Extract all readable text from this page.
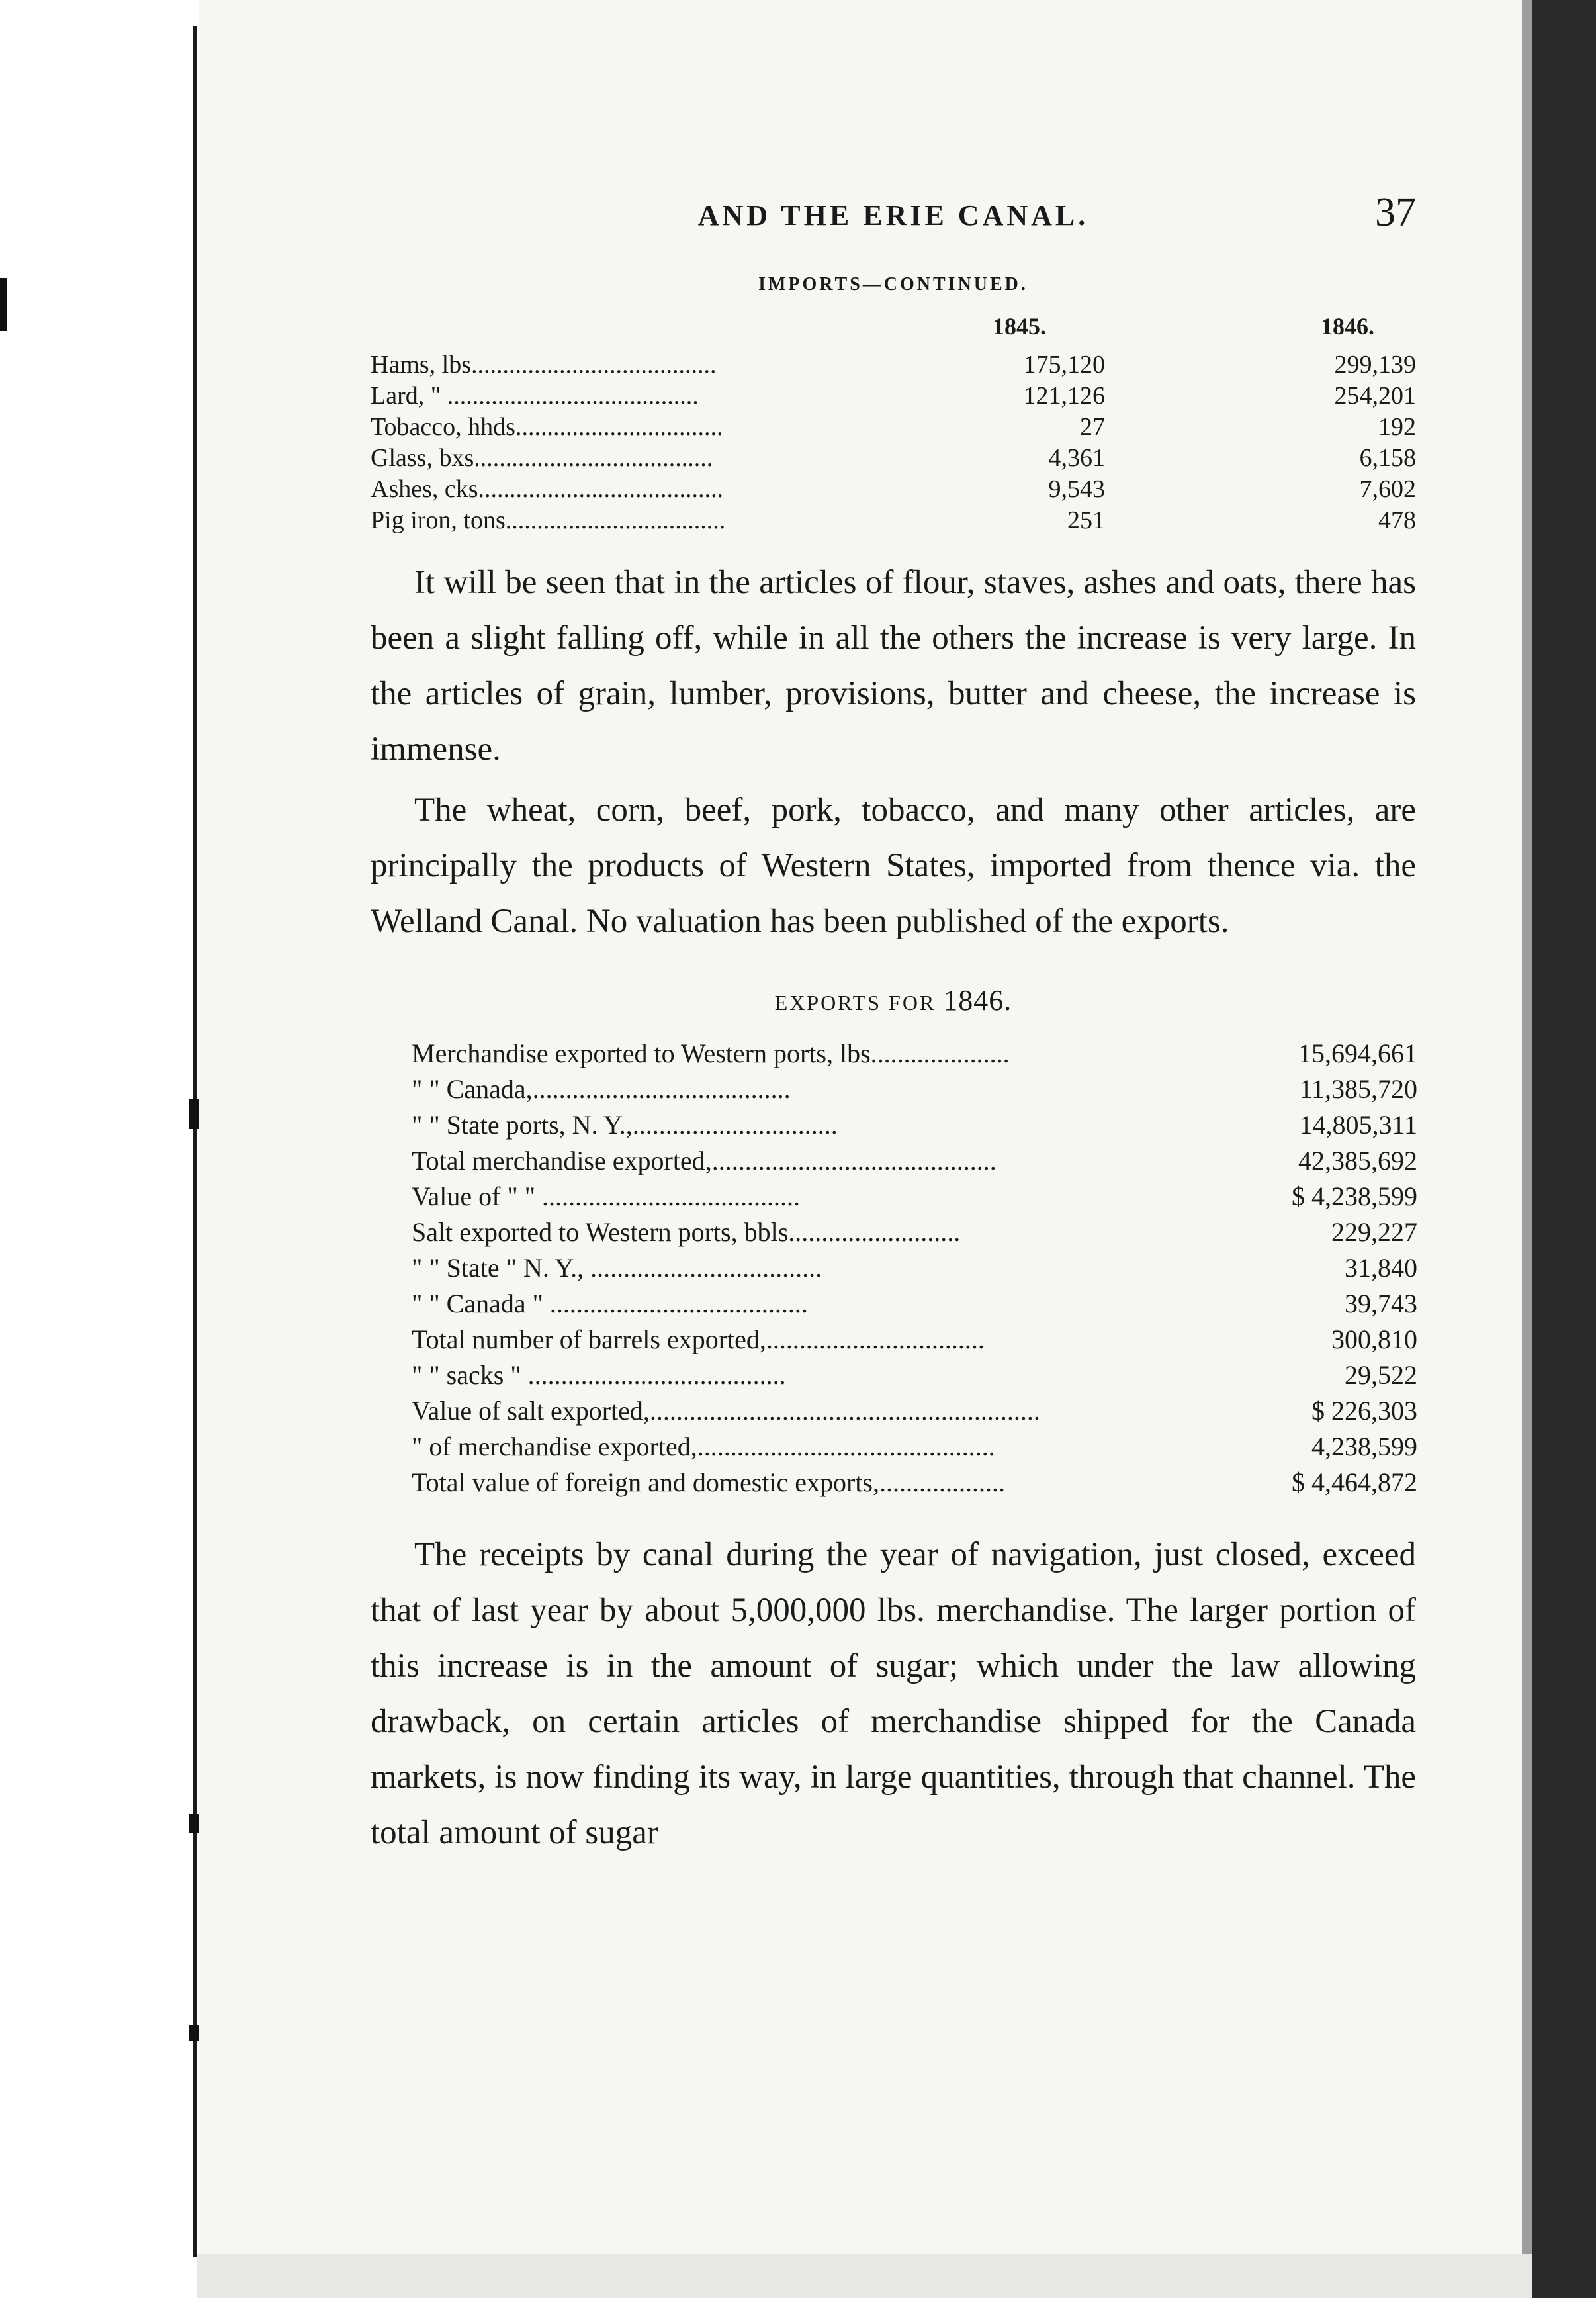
AND THE ERIE CANAL.	37
IMPORTS—CONTINUED.
1845.	1846.
Hams, lbs.......................................	175,120	299,139
Lard, " ........................................	121,126	254,201
Tobacco, hhds.................................	27	192
Glass, bxs......................................	4,361	6,158
Ashes, cks.......................................	9,543	7,602
Pig iron, tons...................................	251	478

It will be seen that in the articles of flour, staves, ashes and oats, there has been a slight falling off, while in all the others the increase is very large. In the articles of grain, lumber, provisions, butter and cheese, the increase is immense.

The wheat, corn, beef, pork, tobacco, and many other articles, are principally the products of Western States, imported from thence via. the Welland Canal. No valuation has been published of the exports.

EXPORTS FOR 1846.
Merchandise exported to Western ports, lbs.....................	15,694,661
" " Canada,.......................................	11,385,720
" " State ports, N. Y.,...............................	14,805,311
Total merchandise exported,...........................................	42,385,692
Value of " " .......................................	$ 4,238,599
Salt exported to Western ports, bbls..........................	229,227
" " State " N. Y., ...................................	31,840
" " Canada " .......................................	39,743
Total number of barrels exported,.................................	300,810
" " sacks " .......................................	29,522
Value of salt exported,...........................................................	$ 226,303
" of merchandise exported,.............................................	4,238,599
Total value of foreign and domestic exports,...................	$ 4,464,872

The receipts by canal during the year of navigation, just closed, exceed that of last year by about 5,000,000 lbs. merchandise. The larger portion of this increase is in the amount of sugar; which under the law allowing drawback, on certain articles of merchandise shipped for the Canada markets, is now finding its way, in large quantities, through that channel. The total amount of sugar
